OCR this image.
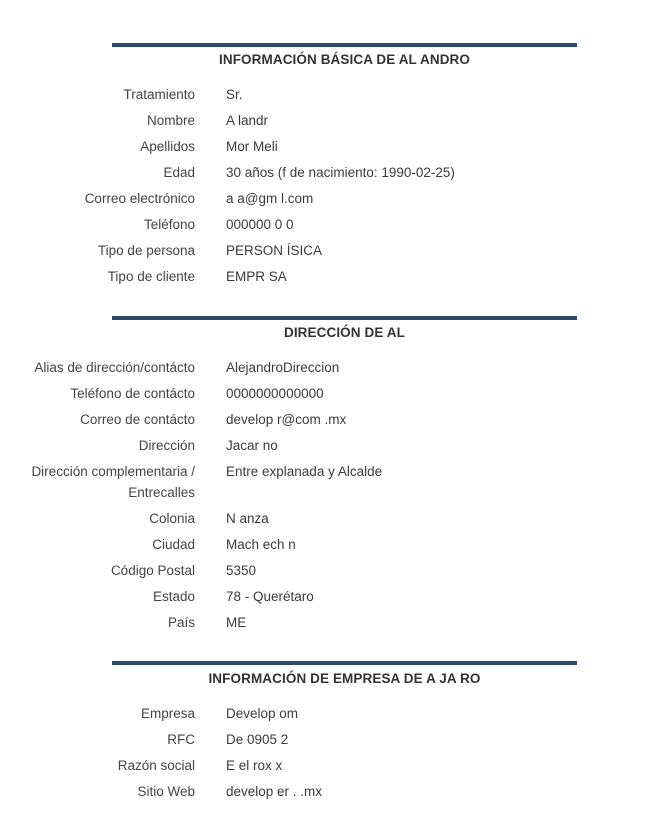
INFORMACIÓN BÁSICA DE AL ANDRO
Tratamiento Sr.
Nombre A landr
Apellidos Mor Meli
Edad 30 años (f de nacimiento: 1990-02-25)
Correo electrónico a a@gm l.com
Teléfono 000000 0 0
Tipo de persona PERSON ÍSICA
Tipo de cliente EMPR SA
DIRECCIÓN DE AL
Alias de dirección/contácto AlejandroDireccion
Teléfono de contácto 0000000000000
Correo de contácto develop r@com .mx
Dirección Jacar no
Dirección complementaria / Entrecalles
Entre explanada y Alcalde
Colonia N anza
Ciudad Mach ech n
Código Postal 5350
Estado 78 - Querétaro
País ME
INFORMACIÓN DE EMPRESA DE A JA RO
Empresa Develop om
RFC De 0905 2
Razón social E el rox x
Sitio Web develop er . .mx
